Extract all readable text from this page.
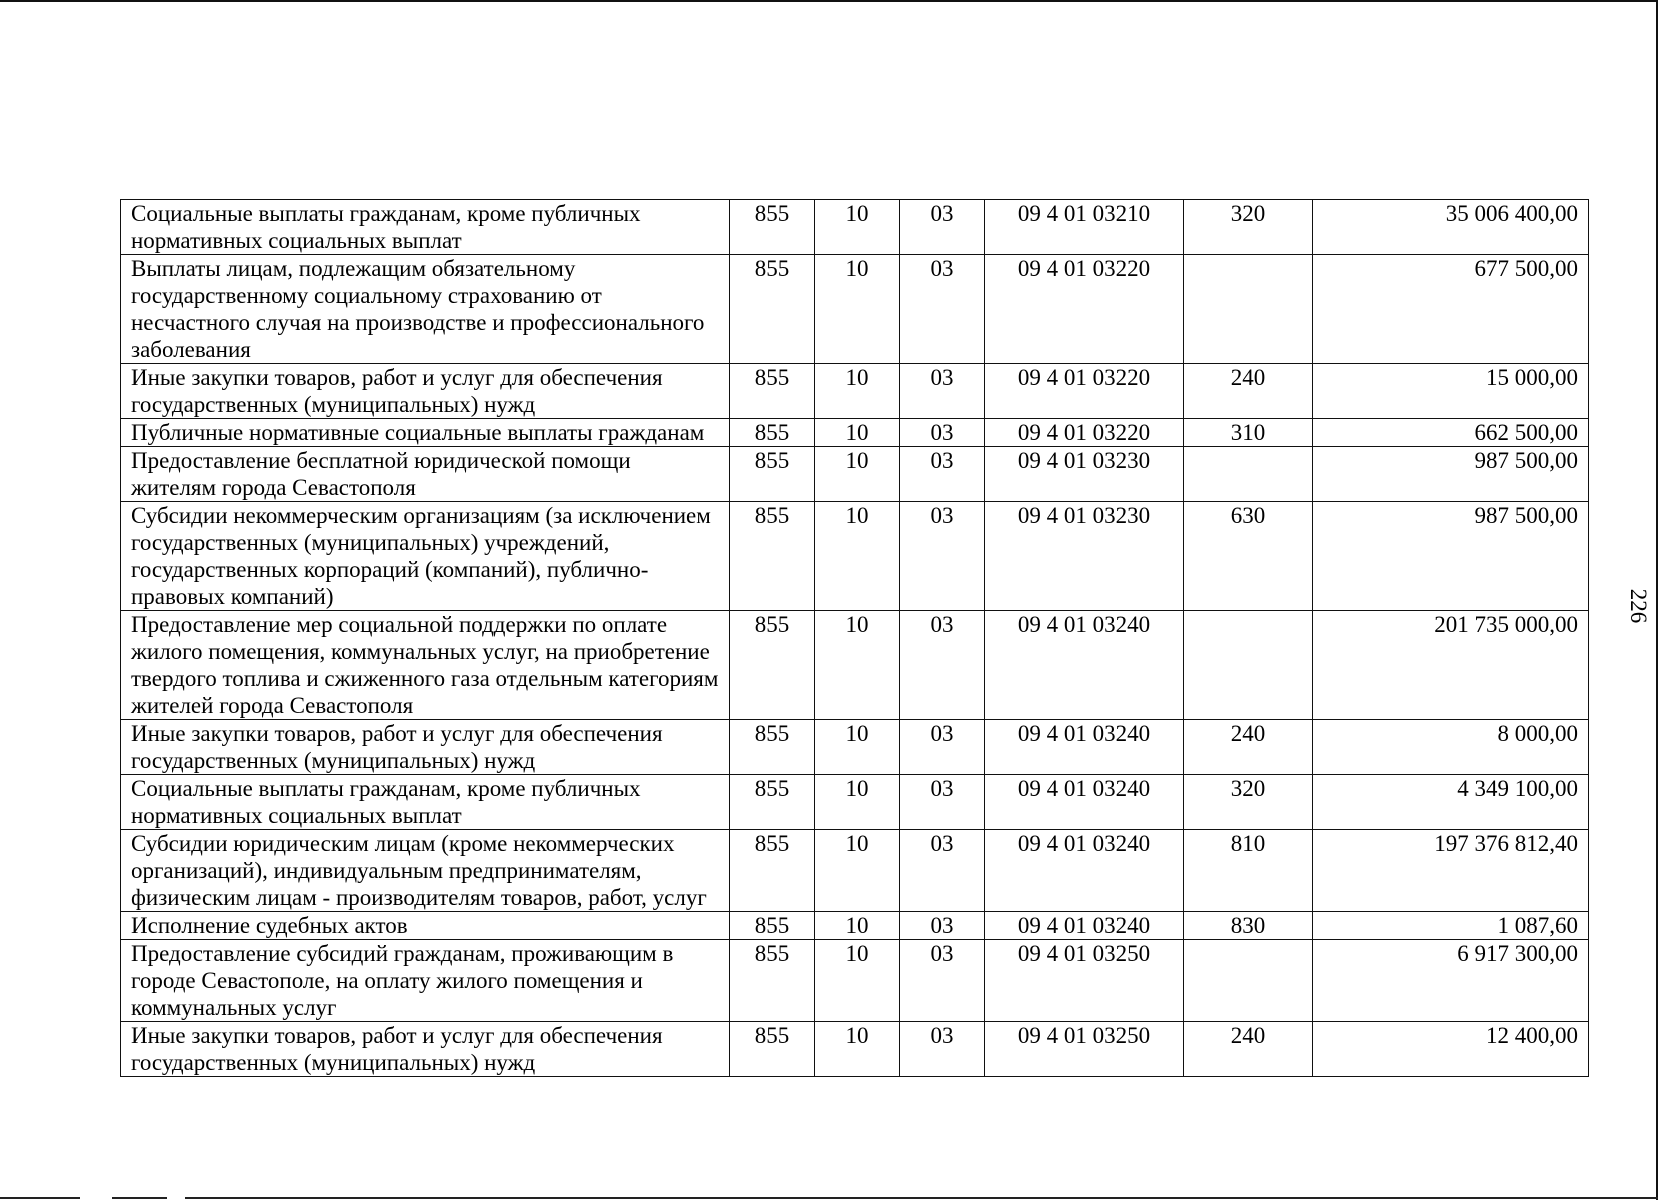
226
Социальные выплаты гражданам, кроме публичных нормативных социальных выплат	855	10	03	09 4 01 03210	320	35 006 400,00
Выплаты лицам, подлежащим обязательному государственному социальному страхованию от несчастного случая на производстве и профессионального заболевания	855	10	03	09 4 01 03220		677 500,00
Иные закупки товаров, работ и услуг для обеспечения государственных (муниципальных) нужд	855	10	03	09 4 01 03220	240	15 000,00
Публичные нормативные социальные выплаты гражданам	855	10	03	09 4 01 03220	310	662 500,00
Предоставление бесплатной юридической помощи жителям города Севастополя	855	10	03	09 4 01 03230		987 500,00
Субсидии некоммерческим организациям (за исключением государственных (муниципальных) учреждений, государственных корпораций (компаний), публично-правовых компаний)	855	10	03	09 4 01 03230	630	987 500,00
Предоставление мер социальной поддержки по оплате жилого помещения, коммунальных услуг, на приобретение твердого топлива и сжиженного газа отдельным категориям жителей города Севастополя	855	10	03	09 4 01 03240		201 735 000,00
Иные закупки товаров, работ и услуг для обеспечения государственных (муниципальных) нужд	855	10	03	09 4 01 03240	240	8 000,00
Социальные выплаты гражданам, кроме публичных нормативных социальных выплат	855	10	03	09 4 01 03240	320	4 349 100,00
Субсидии юридическим лицам (кроме некоммерческих организаций), индивидуальным предпринимателям, физическим лицам - производителям товаров, работ, услуг	855	10	03	09 4 01 03240	810	197 376 812,40
Исполнение судебных актов	855	10	03	09 4 01 03240	830	1 087,60
Предоставление субсидий гражданам, проживающим в городе Севастополе, на оплату жилого помещения и коммунальных услуг	855	10	03	09 4 01 03250		6 917 300,00
Иные закупки товаров, работ и услуг для обеспечения государственных (муниципальных) нужд	855	10	03	09 4 01 03250	240	12 400,00
